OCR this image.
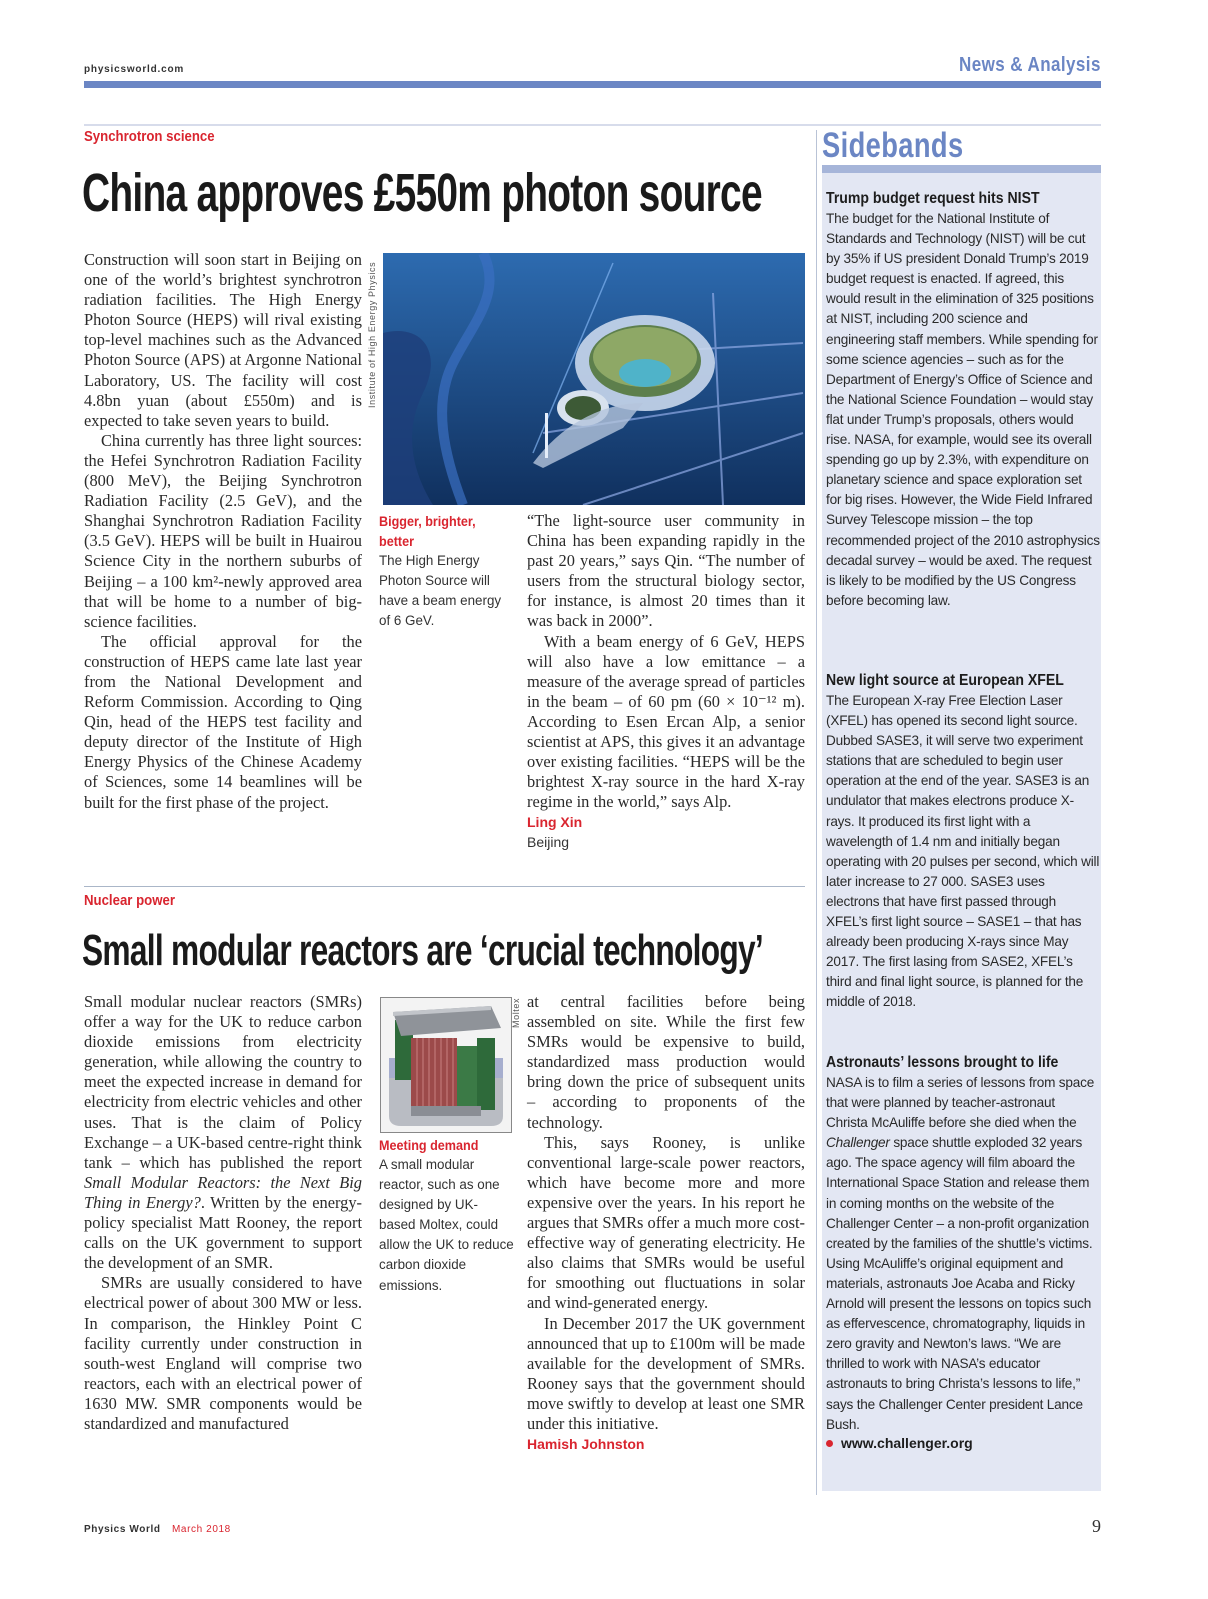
physicsworld.com	News & Analysis
Synchrotron science
China approves £550m photon source

Construction will soon start in Beijing on one of the world’s brightest synchrotron radiation facilities. The High Energy Photon Source (HEPS) will rival existing top-level machines such as the Advanced Photon Source (APS) at Argonne National Laboratory, US. The facility will cost 4.8bn yuan (about £550m) and is expected to take seven years to build.

China currently has three light sources: the Hefei Synchrotron Radiation Facility (800 MeV), the Beijing Synchrotron Radiation Facility (2.5 GeV), and the Shanghai Synchrotron Radiation Facility (3.5 GeV). HEPS will be built in Huairou Science City in the northern suburbs of Beijing – a 100 km²-newly approved area that will be home to a number of big-science facilities.

The official approval for the construction of HEPS came late last year from the National Development and Reform Commission. According to Qing Qin, head of the HEPS test facility and deputy director of the Institute of High Energy Physics of the Chinese Academy of Sciences, some 14 beamlines will be built for the first phase of the project.

Institute of High Energy Physics
Bigger, brighter, better
The High Energy Photon Source will have a beam energy of 6 GeV.

“The light-source user community in China has been expanding rapidly in the past 20 years,” says Qin. “The number of users from the structural biology sector, for instance, is almost 20 times than it was back in 2000”.

With a beam energy of 6 GeV, HEPS will also have a low emittance – a measure of the average spread of particles in the beam – of 60 pm (60 × 10⁻¹² m). According to Esen Ercan Alp, a senior scientist at APS, this gives it an advantage over existing facilities. “HEPS will be the brightest X-ray source in the hard X-ray regime in the world,” says Alp.

Ling Xin
Beijing
Nuclear power
Small modular reactors are ‘crucial technology’

Small modular nuclear reactors (SMRs) offer a way for the UK to reduce carbon dioxide emissions from electricity generation, while allowing the country to meet the expected increase in demand for electricity from electric vehicles and other uses. That is the claim of Policy Exchange – a UK-based centre-right think tank – which has published the report Small Modular Reactors: the Next Big Thing in Energy?. Written by the energy-policy specialist Matt Rooney, the report calls on the UK government to support the development of an SMR.

SMRs are usually considered to have electrical power of about 300 MW or less. In comparison, the Hinkley Point C facility currently under construction in south-west England will comprise two reactors, each with an electrical power of 1630 MW. SMR components would be standardized and manufactured

Moltex
Meeting demand
A small modular reactor, such as one designed by UK-based Moltex, could allow the UK to reduce carbon dioxide emissions.

at central facilities before being assembled on site. While the first few SMRs would be expensive to build, standardized mass production would bring down the price of subsequent units – according to proponents of the technology.

This, says Rooney, is unlike conventional large-scale power reactors, which have become more and more expensive over the years. In his report he argues that SMRs offer a much more cost-effective way of generating electricity. He also claims that SMRs would be useful for smoothing out fluctuations in solar and wind-generated energy.

In December 2017 the UK government announced that up to £100m will be made available for the development of SMRs. Rooney says that the government should move swiftly to develop at least one SMR under this initiative.

Hamish Johnston
Sidebands
Trump budget request hits NIST
The budget for the National Institute of Standards and Technology (NIST) will be cut by 35% if US president Donald Trump’s 2019 budget request is enacted. If agreed, this would result in the elimination of 325 positions at NIST, including 200 science and engineering staff members. While spending for some science agencies – such as for the Department of Energy’s Office of Science and the National Science Foundation – would stay flat under Trump’s proposals, others would rise. NASA, for example, would see its overall spending go up by 2.3%, with expenditure on planetary science and space exploration set for big rises. However, the Wide Field Infrared Survey Telescope mission – the top recommended project of the 2010 astrophysics decadal survey – would be axed. The request is likely to be modified by the US Congress before becoming law.
New light source at European XFEL
The European X-ray Free Election Laser (XFEL) has opened its second light source. Dubbed SASE3, it will serve two experiment stations that are scheduled to begin user operation at the end of the year. SASE3 is an undulator that makes electrons produce X-rays. It produced its first light with a wavelength of 1.4 nm and initially began operating with 20 pulses per second, which will later increase to 27 000. SASE3 uses electrons that have first passed through XFEL’s first light source – SASE1 – that has already been producing X-rays since May 2017. The first lasing from SASE2, XFEL’s third and final light source, is planned for the middle of 2018.
Astronauts’ lessons brought to life
NASA is to film a series of lessons from space that were planned by teacher-astronaut Christa McAuliffe before she died when the Challenger space shuttle exploded 32 years ago. The space agency will film aboard the International Space Station and release them in coming months on the website of the Challenger Center – a non-profit organization created by the families of the shuttle’s victims. Using McAuliffe’s original equipment and materials, astronauts Joe Acaba and Ricky Arnold will present the lessons on topics such as effervescence, chromatography, liquids in zero gravity and Newton’s laws. “We are thrilled to work with NASA’s educator astronauts to bring Christa’s lessons to life,” says the Challenger Center president Lance Bush.
www.challenger.org
Physics World March 2018	9
